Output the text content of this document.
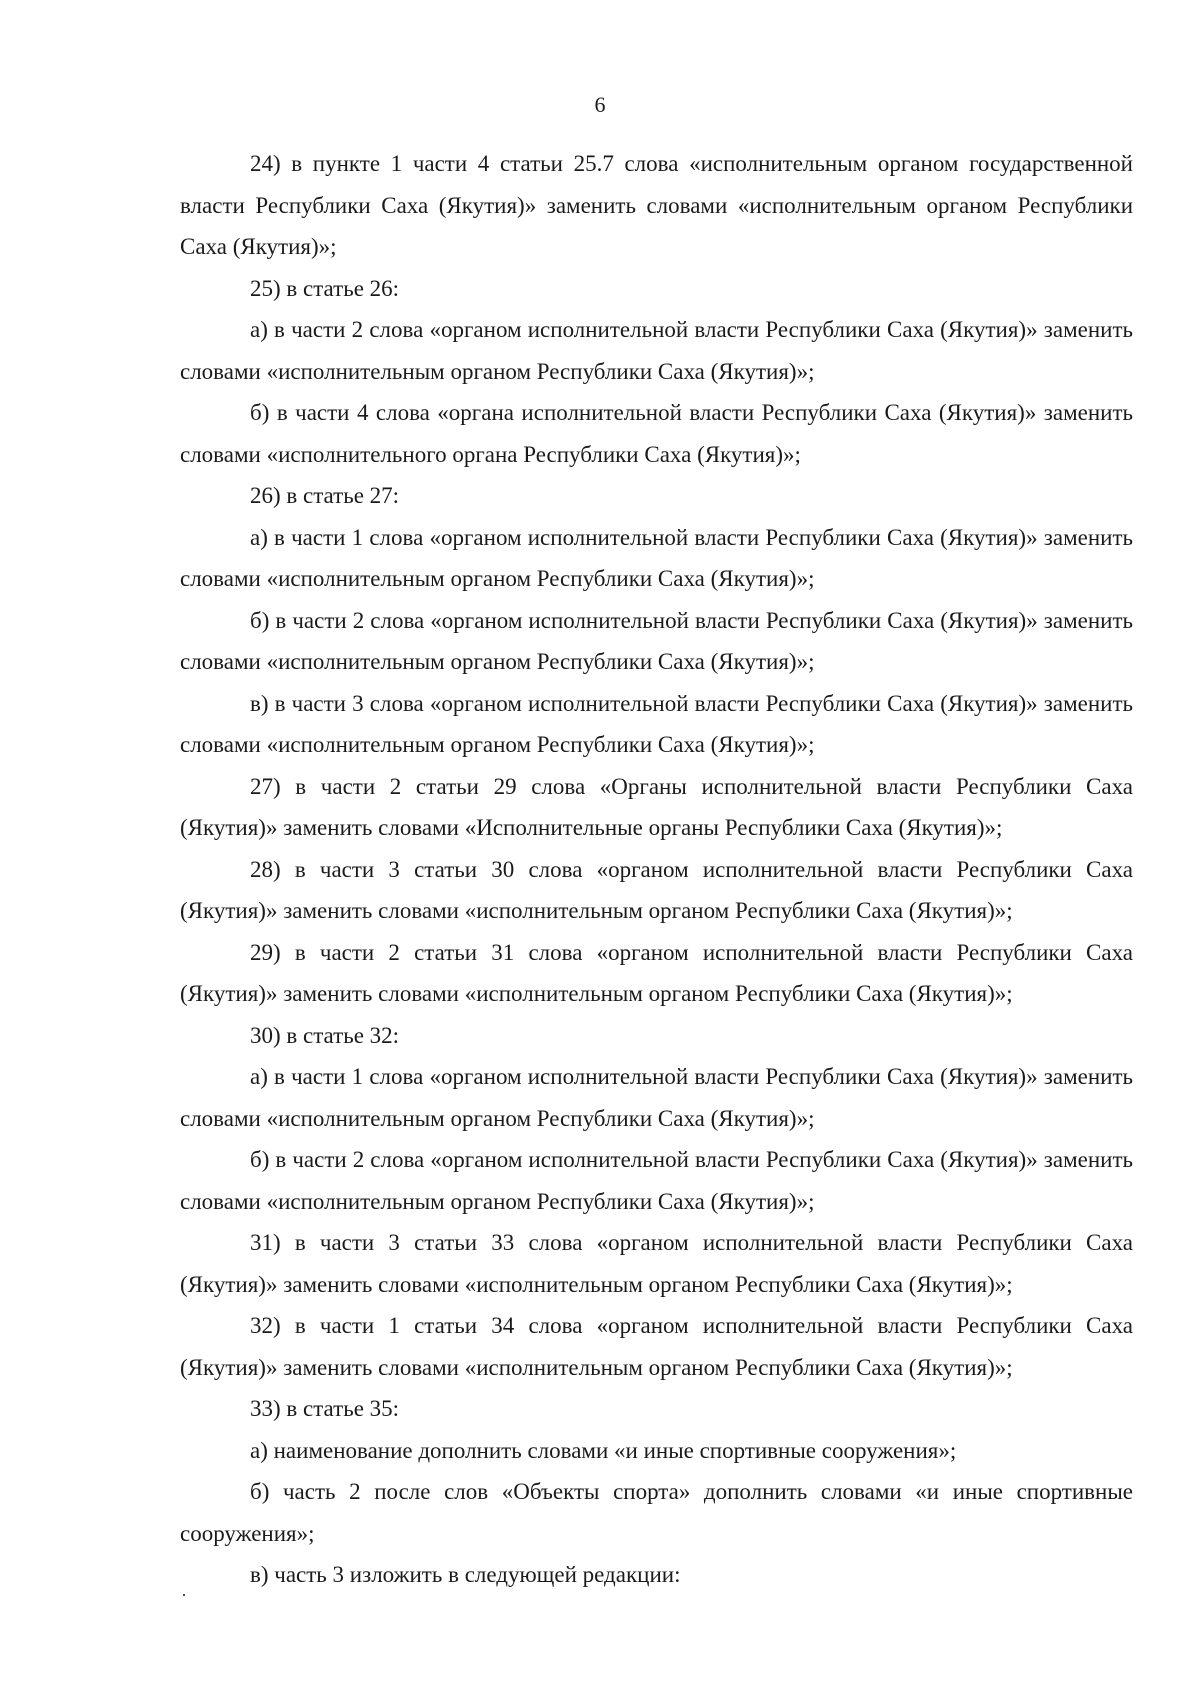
6

24) в пункте 1 части 4 статьи 25.7 слова «исполнительным органом государственной власти Республики Саха (Якутия)» заменить словами «исполнительным органом Республики Саха (Якутия)»;

25) в статье 26:

а) в части 2 слова «органом исполнительной власти Республики Саха (Якутия)» заменить словами «исполнительным органом Республики Саха (Якутия)»;

б) в части 4 слова «органа исполнительной власти Республики Саха (Якутия)» заменить словами «исполнительного органа Республики Саха (Якутия)»;

26) в статье 27:

а) в части 1 слова «органом исполнительной власти Республики Саха (Якутия)» заменить словами «исполнительным органом Республики Саха (Якутия)»;

б) в части 2 слова «органом исполнительной власти Республики Саха (Якутия)» заменить словами «исполнительным органом Республики Саха (Якутия)»;

в) в части 3 слова «органом исполнительной власти Республики Саха (Якутия)» заменить словами «исполнительным органом Республики Саха (Якутия)»;

27) в части 2 статьи 29 слова «Органы исполнительной власти Республики Саха (Якутия)» заменить словами «Исполнительные органы Республики Саха (Якутия)»;

28) в части 3 статьи 30 слова «органом исполнительной власти Республики Саха (Якутия)» заменить словами «исполнительным органом Республики Саха (Якутия)»;

29) в части 2 статьи 31 слова «органом исполнительной власти Республики Саха (Якутия)» заменить словами «исполнительным органом Республики Саха (Якутия)»;

30) в статье 32:

а) в части 1 слова «органом исполнительной власти Республики Саха (Якутия)» заменить словами «исполнительным органом Республики Саха (Якутия)»;

б) в части 2 слова «органом исполнительной власти Республики Саха (Якутия)» заменить словами «исполнительным органом Республики Саха (Якутия)»;

31) в части 3 статьи 33 слова «органом исполнительной власти Республики Саха (Якутия)» заменить словами «исполнительным органом Республики Саха (Якутия)»;

32) в части 1 статьи 34 слова «органом исполнительной власти Республики Саха (Якутия)» заменить словами «исполнительным органом Республики Саха (Якутия)»;

33) в статье 35:

а) наименование дополнить словами «и иные спортивные сооружения»;

б) часть 2 после слов «Объекты спорта» дополнить словами «и иные спортивные сооружения»;

в) часть 3 изложить в следующей редакции:
